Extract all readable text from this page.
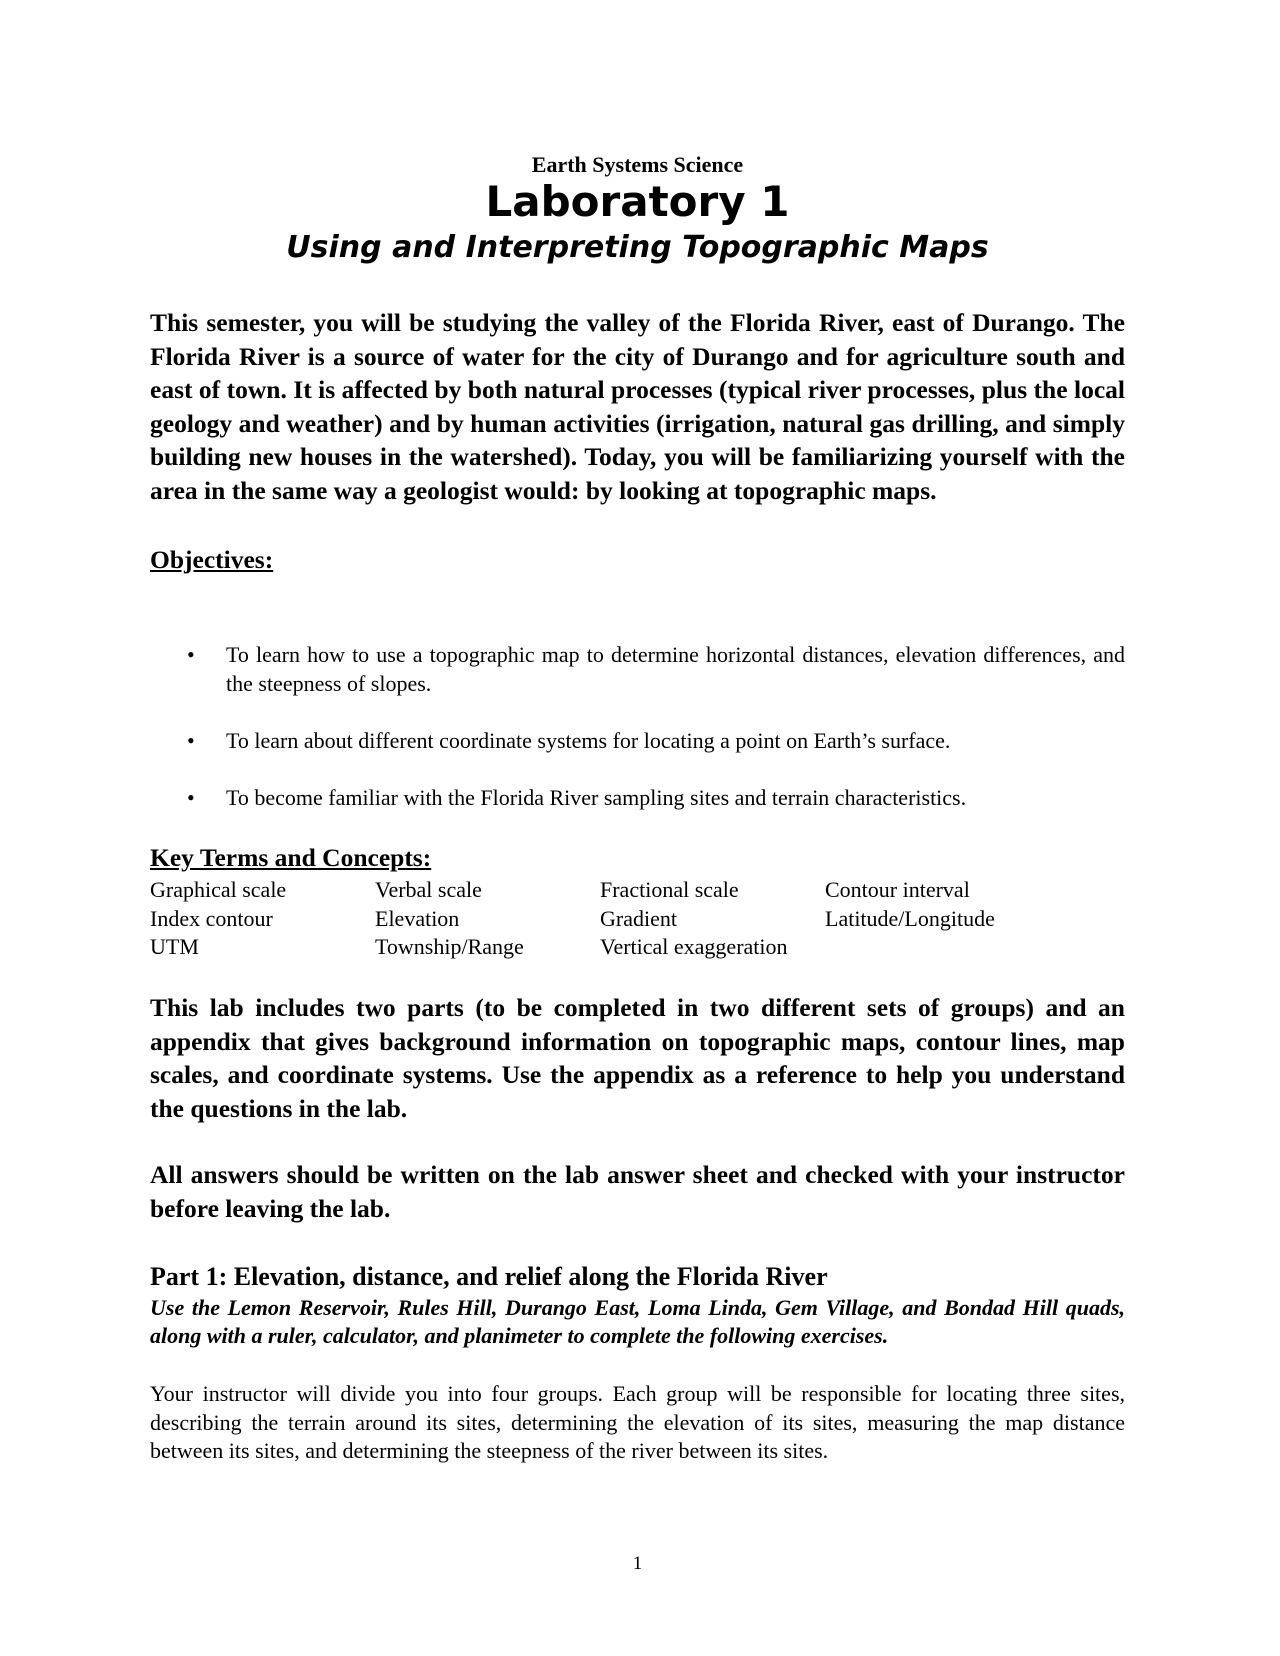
Earth Systems Science
Laboratory 1
Using and Interpreting Topographic Maps

This semester, you will be studying the valley of the Florida River, east of Durango. The Florida River is a source of water for the city of Durango and for agriculture south and east of town. It is affected by both natural processes (typical river processes, plus the local geology and weather) and by human activities (irrigation, natural gas drilling, and simply building new houses in the watershed). Today, you will be familiarizing yourself with the area in the same way a geologist would: by looking at topographic maps.

Objectives:
• To learn how to use a topographic map to determine horizontal distances, elevation differences, and the steepness of slopes.
• To learn about different coordinate systems for locating a point on Earth’s surface.
• To become familiar with the Florida River sampling sites and terrain characteristics.
Key Terms and Concepts:
Graphical scale	Verbal scale	Fractional scale	Contour interval
Index contour	Elevation	Gradient	Latitude/Longitude
UTM	Township/Range	Vertical exaggeration

This lab includes two parts (to be completed in two different sets of groups) and an appendix that gives background information on topographic maps, contour lines, map scales, and coordinate systems. Use the appendix as a reference to help you understand the questions in the lab.

All answers should be written on the lab answer sheet and checked with your instructor before leaving the lab.

Part 1: Elevation, distance, and relief along the Florida River

Use the Lemon Reservoir, Rules Hill, Durango East, Loma Linda, Gem Village, and Bondad Hill quads, along with a ruler, calculator, and planimeter to complete the following exercises.

Your instructor will divide you into four groups. Each group will be responsible for locating three sites, describing the terrain around its sites, determining the elevation of its sites, measuring the map distance between its sites, and determining the steepness of the river between its sites.

1
